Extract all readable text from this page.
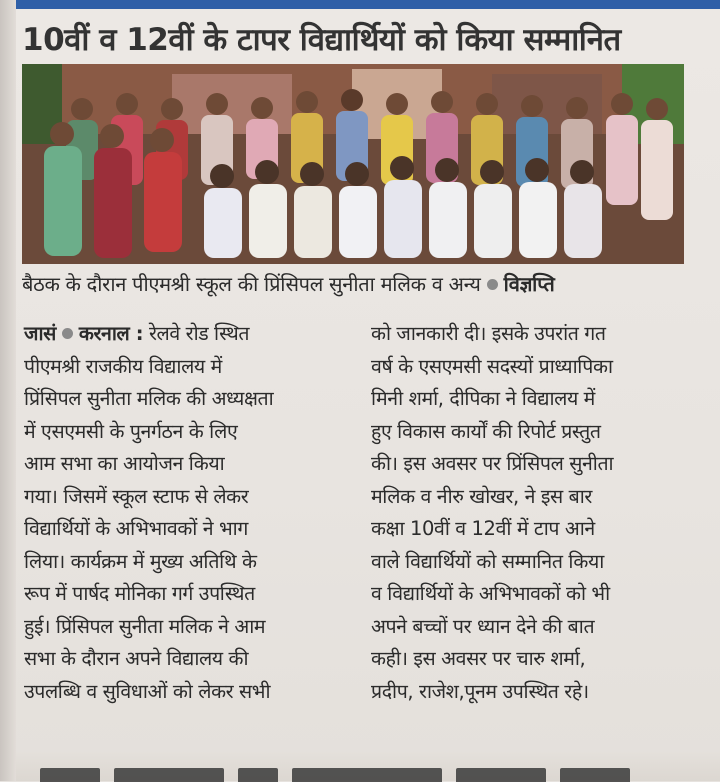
10वीं व 12वीं के टापर विद्यार्थियों को किया सम्मानित
बैठक के दौरान पीएमश्री स्कूल की प्रिंसिपल सुनीता मलिक व अन्य विज्ञप्ति
जासं करनाल : रेलवे रोड स्थित
पीएमश्री राजकीय विद्यालय में
प्रिंसिपल सुनीता मलिक की अध्यक्षता
में एसएमसी के पुनर्गठन के लिए
आम सभा का आयोजन किया
गया। जिसमें स्कूल स्टाफ से लेकर
विद्यार्थियों के अभिभावकों ने भाग
लिया। कार्यक्रम में मुख्य अतिथि के
रूप में पार्षद मोनिका गर्ग उपस्थित
हुई। प्रिंसिपल सुनीता मलिक ने आम
सभा के दौरान अपने विद्यालय की
उपलब्धि व सुविधाओं को लेकर सभी
को जानकारी दी। इसके उपरांत गत
वर्ष के एसएमसी सदस्यों प्राध्यापिका
मिनी शर्मा, दीपिका ने विद्यालय में
हुए विकास कार्यों की रिपोर्ट प्रस्तुत
की। इस अवसर पर प्रिंसिपल सुनीता
मलिक व नीरु खोखर, ने इस बार
कक्षा 10वीं व 12वीं में टाप आने
वाले विद्यार्थियों को सम्मानित किया
व विद्यार्थियों के अभिभावकों को भी
अपने बच्चों पर ध्यान देने की बात
कही। इस अवसर पर चारु शर्मा,
प्रदीप, राजेश,पूनम उपस्थित रहे।
